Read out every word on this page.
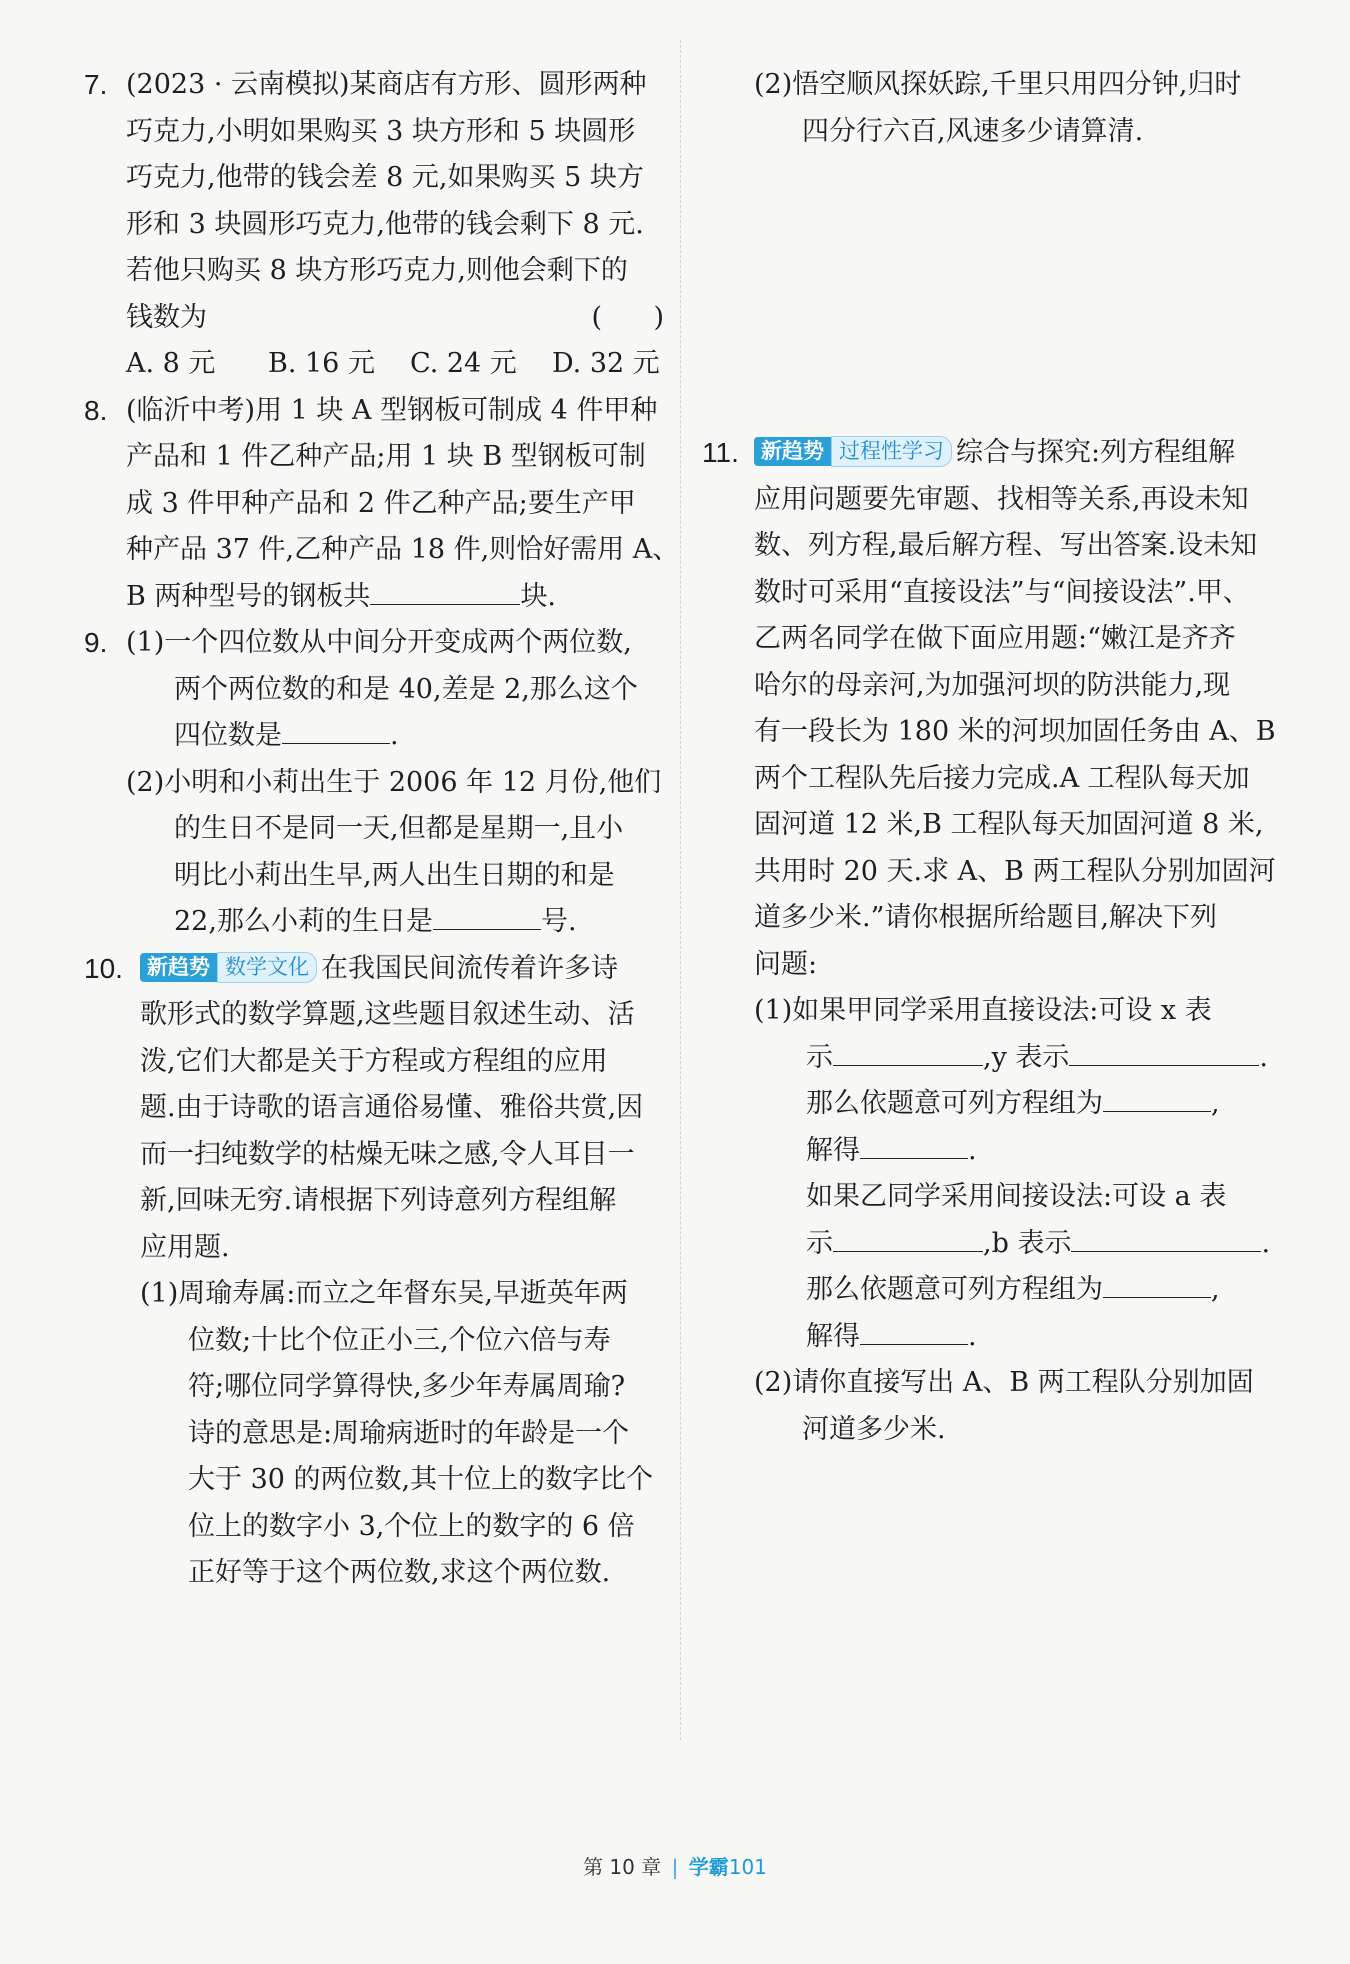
7. (2023 · 云南模拟)某商店有方形、圆形两种
巧克力,小明如果购买 3 块方形和 5 块圆形
巧克力,他带的钱会差 8 元,如果购买 5 块方
形和 3 块圆形巧克力,他带的钱会剩下 8 元.
若他只购买 8 块方形巧克力,则他会剩下的
钱数为	(      )
A. 8 元 B. 16 元 C. 24 元 D. 32 元
8. (临沂中考)用 1 块 A 型钢板可制成 4 件甲种
产品和 1 件乙种产品;用 1 块 B 型钢板可制
成 3 件甲种产品和 2 件乙种产品;要生产甲
种产品 37 件,乙种产品 18 件,则恰好需用 A、
B 两种型号的钢板共	块.
9. (1)一个四位数从中间分开变成两个两位数,
两个两位数的和是 40,差是 2,那么这个
四位数是	.
(2)小明和小莉出生于 2006 年 12 月份,他们
的生日不是同一天,但都是星期一,且小
明比小莉出生早,两人出生日期的和是
22,那么小莉的生日是	号.
10.	新趋势 数学文化 在我国民间流传着许多诗
歌形式的数学算题,这些题目叙述生动、活
泼,它们大都是关于方程或方程组的应用
题.由于诗歌的语言通俗易懂、雅俗共赏,因
而一扫纯数学的枯燥无味之感,令人耳目一
新,回味无穷.请根据下列诗意列方程组解
应用题.
(1)周瑜寿属:而立之年督东吴,早逝英年两
位数;十比个位正小三,个位六倍与寿
符;哪位同学算得快,多少年寿属周瑜?
诗的意思是:周瑜病逝时的年龄是一个
大于 30 的两位数,其十位上的数字比个
位上的数字小 3,个位上的数字的 6 倍
正好等于这个两位数,求这个两位数.
(2)悟空顺风探妖踪,千里只用四分钟,归时
四分行六百,风速多少请算清.
11.	新趋势 过程性学习 综合与探究:列方程组解
应用问题要先审题、找相等关系,再设未知
数、列方程,最后解方程、写出答案.设未知
数时可采用“直接设法”与“间接设法”.甲、
乙两名同学在做下面应用题:“嫩江是齐齐
哈尔的母亲河,为加强河坝的防洪能力,现
有一段长为 180 米的河坝加固任务由 A、B
两个工程队先后接力完成.A 工程队每天加
固河道 12 米,B 工程队每天加固河道 8 米,
共用时 20 天.求 A、B 两工程队分别加固河
道多少米.”请你根据所给题目,解决下列
问题:
(1)如果甲同学采用直接设法:可设 x 表
示	,y 表示	.
那么依题意可列方程组为	,
解得	.
如果乙同学采用间接设法:可设 a 表
示	,b 表示	.
那么依题意可列方程组为	,
解得	.
(2)请你直接写出 A、B 两工程队分别加固
河道多少米.
第 10 章 | 学霸101
